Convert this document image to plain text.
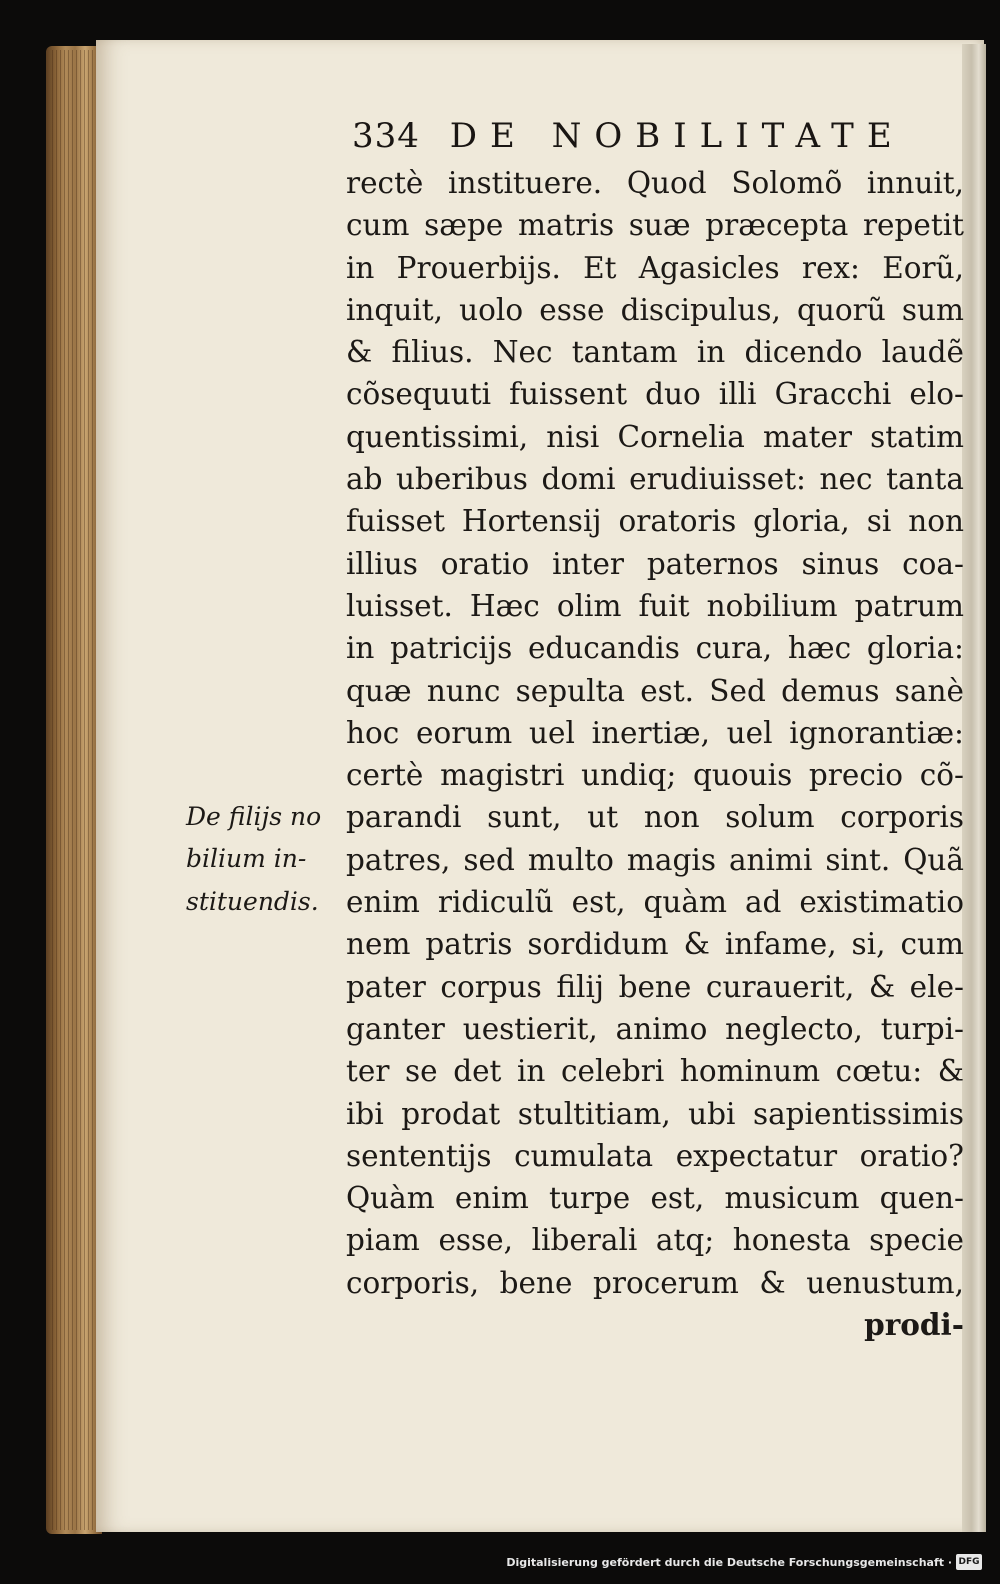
334 DE NOBILITATE
rectè instituere. Quod Solomõ innuit,
cum sæpe matris suæ præcepta repetit
in Prouerbijs. Et Agasicles rex: Eorũ,
inquit, uolo esse discipulus, quorũ sum
& filius. Nec tantam in dicendo laudẽ
cõsequuti fuissent duo illi Gracchi elo-
quentissimi, nisi Cornelia mater statim
ab uberibus domi erudiuisset: nec tanta
fuisset Hortensij oratoris gloria, si non
illius oratio inter paternos sinus coa-
luisset. Hæc olim fuit nobilium patrum
in patricijs educandis cura, hæc gloria:
quæ nunc sepulta est. Sed demus sanè
hoc eorum uel inertiæ, uel ignorantiæ:
certè magistri undiq; quouis precio cõ-
parandi sunt, ut non solum corporis
patres, sed multo magis animi sint. Quã
enim ridiculũ est, quàm ad existimatio
nem patris sordidum & infame, si, cum
pater corpus filij bene curauerit, & ele-
ganter uestierit, animo neglecto, turpi-
ter se det in celebri hominum cœtu: &
ibi prodat stultitiam, ubi sapientissimis
sententijs cumulata expectatur oratio?
Quàm enim turpe est, musicum quen-
piam esse, liberali atq; honesta specie
corporis, bene procerum & uenustum,
prodi-
De filijs no
bilium in-
stituendis.
Digitalisierung gefördert durch die Deutsche Forschungsgemeinschaft · DFG
